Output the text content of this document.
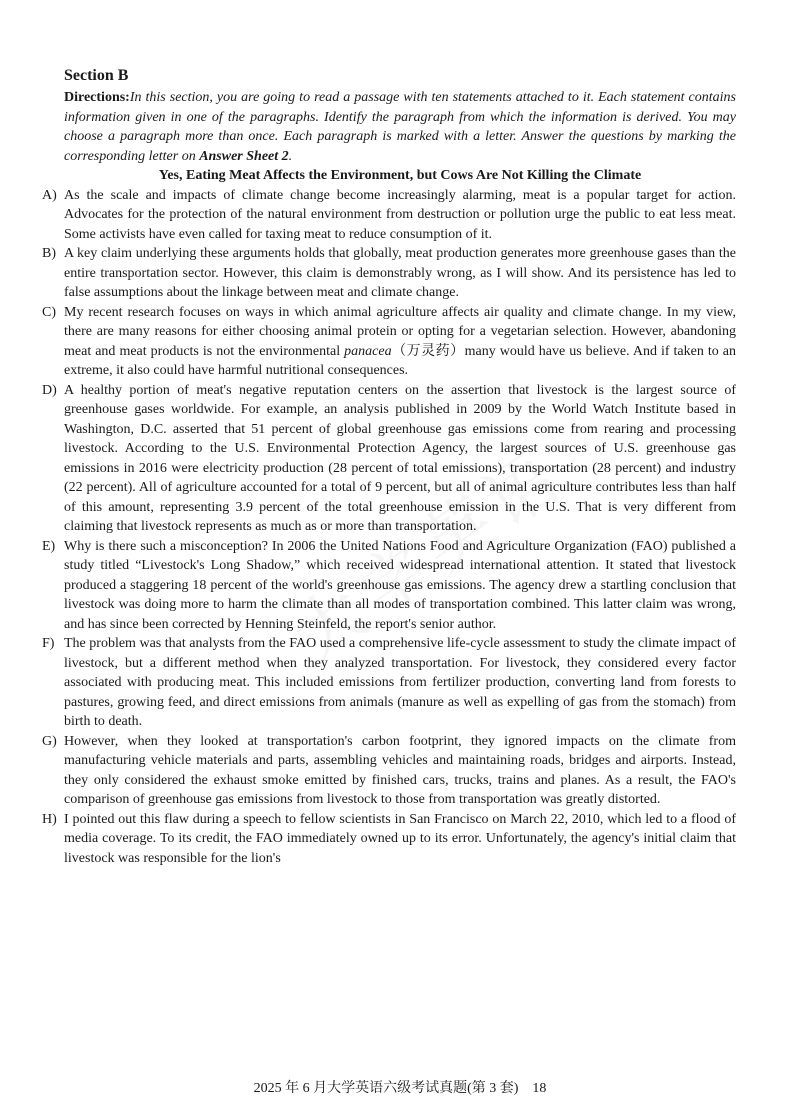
Section B

Directions:In this section, you are going to read a passage with ten statements attached to it. Each statement contains information given in one of the paragraphs. Identify the paragraph from which the information is derived. You may choose a paragraph more than once. Each paragraph is marked with a letter. Answer the questions by marking the corresponding letter on Answer Sheet 2.

Yes, Eating Meat Affects the Environment, but Cows Are Not Killing the Climate

A) As the scale and impacts of climate change become increasingly alarming, meat is a popular target for action. Advocates for the protection of the natural environment from destruction or pollution urge the public to eat less meat. Some activists have even called for taxing meat to reduce consumption of it.
B) A key claim underlying these arguments holds that globally, meat production generates more greenhouse gases than the entire transportation sector. However, this claim is demonstrably wrong, as I will show. And its persistence has led to false assumptions about the linkage between meat and climate change.
C) My recent research focuses on ways in which animal agriculture affects air quality and climate change. In my view, there are many reasons for either choosing animal protein or opting for a vegetarian selection. However, abandoning meat and meat products is not the environmental panacea（万灵药）many would have us believe. And if taken to an extreme, it also could have harmful nutritional consequences.
D) A healthy portion of meat's negative reputation centers on the assertion that livestock is the largest source of greenhouse gases worldwide. For example, an analysis published in 2009 by the World Watch Institute based in Washington, D.C. asserted that 51 percent of global greenhouse gas emissions come from rearing and processing livestock. According to the U.S. Environmental Protection Agency, the largest sources of U.S. greenhouse gas emissions in 2016 were electricity production (28 percent of total emissions), transportation (28 percent) and industry (22 percent). All of agriculture accounted for a total of 9 percent, but all of animal agriculture contributes less than half of this amount, representing 3.9 percent of the total greenhouse emission in the U.S. That is very different from claiming that livestock represents as much as or more than transportation.
E) Why is there such a misconception? In 2006 the United Nations Food and Agriculture Organization (FAO) published a study titled “Livestock's Long Shadow,” which received widespread international attention. It stated that livestock produced a staggering 18 percent of the world's greenhouse gas emissions. The agency drew a startling conclusion that livestock was doing more to harm the climate than all modes of transportation combined. This latter claim was wrong, and has since been corrected by Henning Steinfeld, the report's senior author.
F) The problem was that analysts from the FAO used a comprehensive life-cycle assessment to study the climate impact of livestock, but a different method when they analyzed transportation. For livestock, they considered every factor associated with producing meat. This included emissions from fertilizer production, converting land from forests to pastures, growing feed, and direct emissions from animals (manure as well as expelling of gas from the stomach) from birth to death.
G) However, when they looked at transportation's carbon footprint, they ignored impacts on the climate from manufacturing vehicle materials and parts, assembling vehicles and maintaining roads, bridges and airports. Instead, they only considered the exhaust smoke emitted by finished cars, trucks, trains and planes. As a result, the FAO's comparison of greenhouse gas emissions from livestock to those from transportation was greatly distorted.
H) I pointed out this flaw during a speech to fellow scientists in San Francisco on March 22, 2010, which led to a flood of media coverage. To its credit, the FAO immediately owned up to its error. Unfortunately, the agency's initial claim that livestock was responsible for the lion's
2025 年 6 月大学英语六级考试真题(第 3 套)　18
